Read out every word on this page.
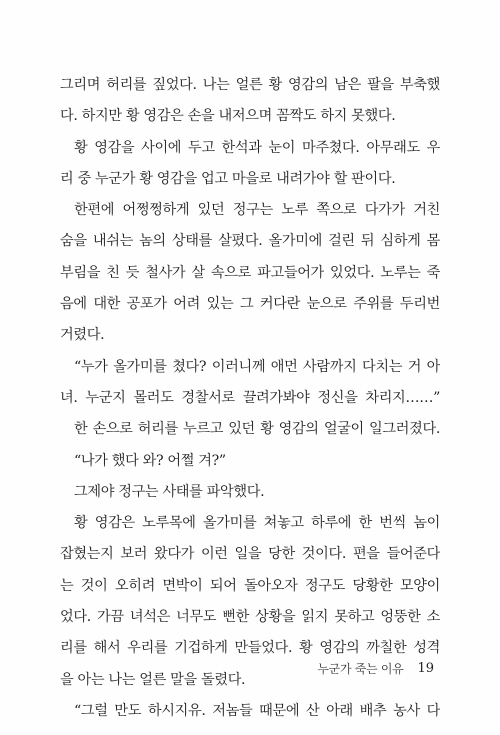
그리며 허리를 짚었다. 나는 얼른 황 영감의 남은 팔을 부축했
다. 하지만 황 영감은 손을 내저으며 꼼짝도 하지 못했다.
황 영감을 사이에 두고 한석과 눈이 마주쳤다. 아무래도 우
리 중 누군가 황 영감을 업고 마을로 내려가야 할 판이다.
한편에 어쩡쩡하게 있던 정구는 노루 쪽으로 다가가 거친
숨을 내쉬는 놈의 상태를 살폈다. 올가미에 걸린 뒤 심하게 몸
부림을 친 듯 철사가 살 속으로 파고들어가 있었다. 노루는 죽
음에 대한 공포가 어려 있는 그 커다란 눈으로 주위를 두리번
거렸다.
“누가 올가미를 쳤다? 이러니께 애먼 사람까지 다치는 거 아
녀. 누군지 몰러도 경찰서로 끌려가봐야 정신을 차리지……”
한 손으로 허리를 누르고 있던 황 영감의 얼굴이 일그러졌다.
“나가 했다 와? 어쩔 겨?”
그제야 정구는 사태를 파악했다.
황 영감은 노루목에 올가미를 쳐놓고 하루에 한 번씩 놈이
잡혔는지 보러 왔다가 이런 일을 당한 것이다. 편을 들어준다
는 것이 오히려 면박이 되어 돌아오자 정구도 당황한 모양이
었다. 가끔 녀석은 너무도 뻔한 상황을 읽지 못하고 엉뚱한 소
리를 해서 우리를 기겁하게 만들었다. 황 영감의 까칠한 성격
을 아는 나는 얼른 말을 돌렸다.
“그럴 만도 하시지유. 저놈들 때문에 산 아래 배추 농사 다
누군가 죽는 이유 19
